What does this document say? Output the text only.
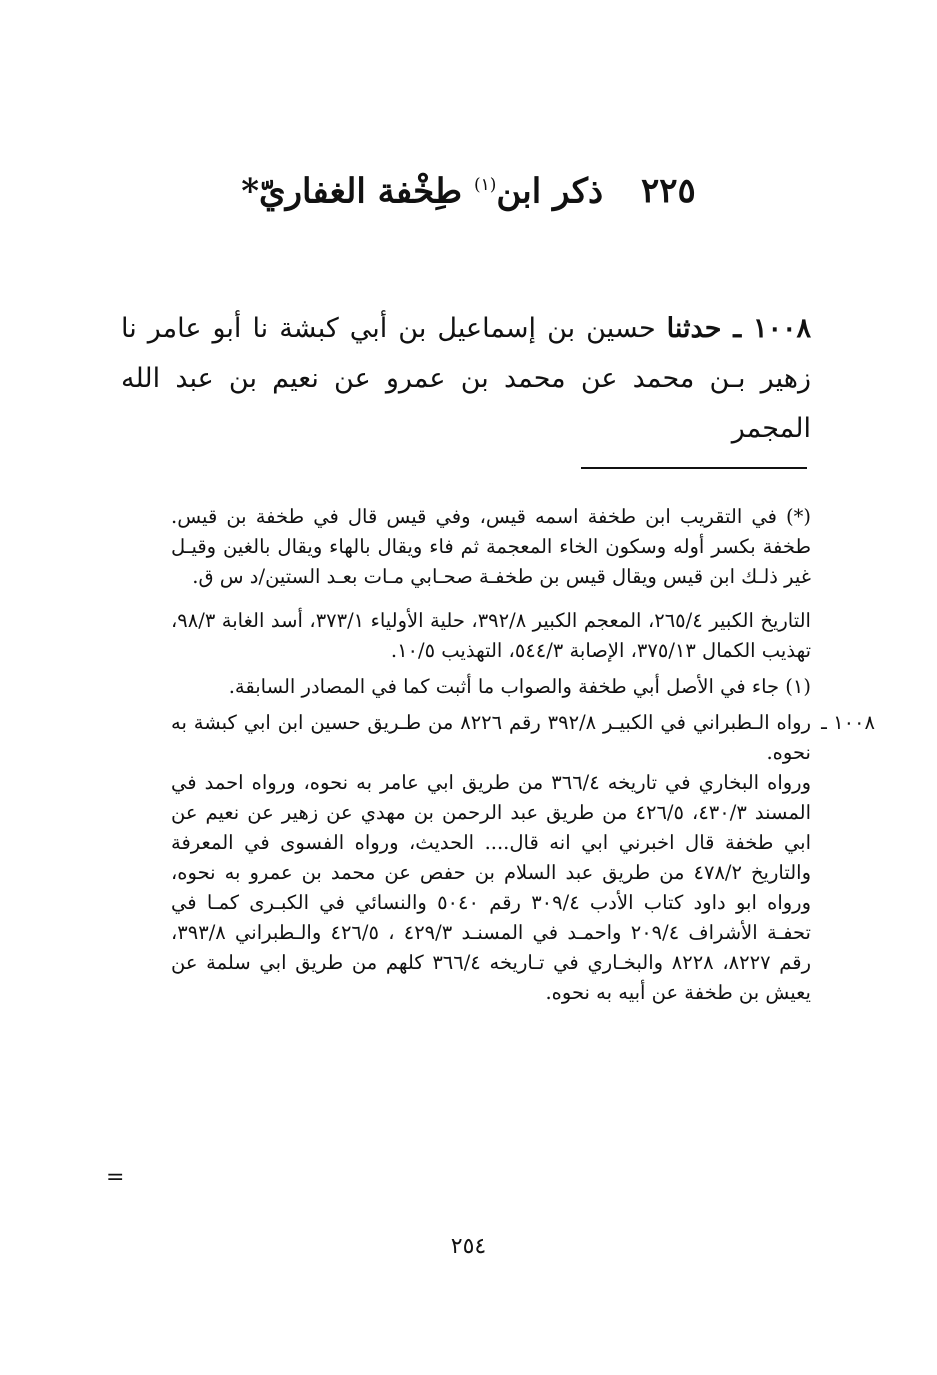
٢٢٥ ذكر ابن$^{(١)}$ طِخْفة الغفاريّ*
١٠٠٨ ـ حدثنا حسين بن إسماعيل بن أبي كبشة نا أبو عامر نا زهير بـن محمد عن محمد بن عمرو عن نعيم بن عبد الله المجمر

(*) في التقريب ابن طخفة اسمه قيس، وفي قيس قال في طخفة بن قيس. طخفة بكسر أوله وسكون الخاء المعجمة ثم فاء ويقال بالهاء ويقال بالغين وقيـل غير ذلـك ابن قيس ويقال قيس بن طخفـة صحـابي مـات بعـد الستين/د س ق.

التاريخ الكبير ٢٦٥/٤، المعجم الكبير ٣٩٢/٨، حلية الأولياء ٣٧٣/١، أسد الغابة ٩٨/٣، تهذيب الكمال ٣٧٥/١٣، الإصابة ٥٤٤/٣، التهذيب ١٠/٥.

(١) جاء في الأصل أبي طخفة والصواب ما أثبت كما في المصادر السابقة.

١٠٠٨ ـ

رواه الـطبراني في الكبيـر ٣٩٢/٨ رقم ٨٢٢٦ من طـريق حسين ابن ابي كبشة به نحوه.

ورواه البخاري في تاريخه ٣٦٦/٤ من طريق ابي عامر به نحوه، ورواه احمد في المسند ٤٣٠/٣، ٤٢٦/٥ من طريق عبد الرحمن بن مهدي عن زهير عن نعيم عن ابي طخفة قال اخبرني ابي انه قال.... الحديث، ورواه الفسوى في المعرفة والتاريخ ٤٧٨/٢ من طريق عبد السلام بن حفص عن محمد بن عمرو به نحوه، ورواه ابو داود كتاب الأدب ٣٠٩/٤ رقم ٥٠٤٠ والنسائي في الكبـرى كمـا في تحفـة الأشراف ٢٠٩/٤ واحمـد في المسنـد ٤٢٩/٣ ، ٤٢٦/٥ والـطبراني ٣٩٣/٨، رقم ٨٢٢٧، ٨٢٢٨ والبخـاري في تـاريخه ٣٦٦/٤ كلهم من طريق ابي سلمة عن يعيش بن طخفة عن أبيه به نحوه.

=
٢٥٤
